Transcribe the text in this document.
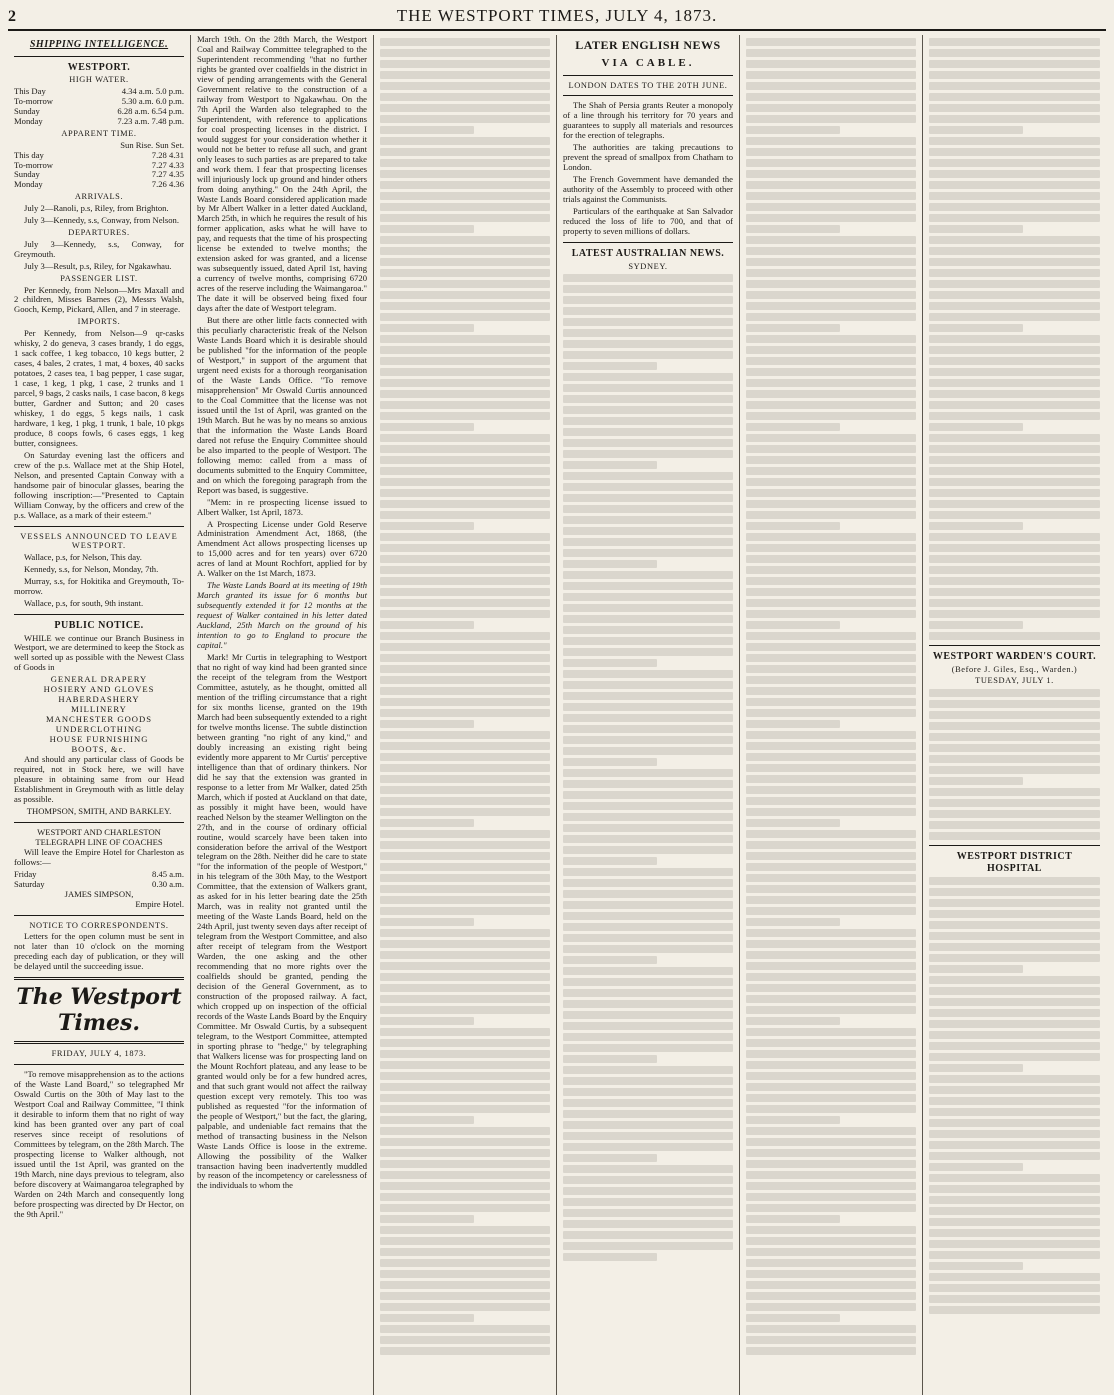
2	THE WESTPORT TIMES, JULY 4, 1873.
SHIPPING INTELLIGENCE.
WESTPORT.
HIGH WATER.
This Day	4.34 a.m. 5.0 p.m.
To-morrow	5.30 a.m. 6.0 p.m.
Sunday	6.28 a.m. 6.54 p.m.
Monday	7.23 a.m. 7.48 p.m.
APPARENT TIME.
Sun Rise. Sun Set.
This day	7.28 4.31
To-morrow	7.27 4.33
Sunday	7.27 4.35
Monday	7.26 4.36
ARRIVALS.

July 2—Ranoli, p.s, Riley, from Brighton.

July 3—Kennedy, s.s, Conway, from Nelson.

DEPARTURES.

July 3—Kennedy, s.s, Conway, for Greymouth.

July 3—Result, p.s, Riley, for Ngakawhau.

PASSENGER LIST.

Per Kennedy, from Nelson—Mrs Maxall and 2 children, Misses Barnes (2), Messrs Walsh, Gooch, Kemp, Pickard, Allen, and 7 in steerage.

IMPORTS.

Per Kennedy, from Nelson—9 qr-casks whisky, 2 do geneva, 3 cases brandy, 1 do eggs, 1 sack coffee, 1 keg tobacco, 10 kegs butter, 2 cases, 4 bales, 2 crates, 1 mat, 4 boxes, 40 sacks potatoes, 2 cases tea, 1 bag pepper, 1 case sugar, 1 case, 1 keg, 1 pkg, 1 case, 2 trunks and 1 parcel, 9 bags, 2 casks nails, 1 case bacon, 8 kegs butter, Gardner and Sutton; and 20 cases whiskey, 1 do eggs, 5 kegs nails, 1 cask hardware, 1 keg, 1 pkg, 1 trunk, 1 bale, 10 pkgs produce, 8 coops fowls, 6 cases eggs, 1 keg butter, consignees.

On Saturday evening last the officers and crew of the p.s. Wallace met at the Ship Hotel, Nelson, and presented Captain Conway with a handsome pair of binocular glasses, bearing the following inscription:—"Presented to Captain William Conway, by the officers and crew of the p.s. Wallace, as a mark of their esteem."

VESSELS ANNOUNCED TO LEAVE WESTPORT.

Wallace, p.s, for Nelson, This day.

Kennedy, s.s, for Nelson, Monday, 7th.

Murray, s.s, for Hokitika and Greymouth, To-morrow.

Wallace, p.s, for south, 9th instant.

PUBLIC NOTICE.

WHILE we continue our Branch Business in Westport, we are determined to keep the Stock as well sorted up as possible with the Newest Class of Goods in

GENERAL DRAPERY
HOSIERY AND GLOVES
HABERDASHERY
MILLINERY
MANCHESTER GOODS
UNDERCLOTHING
HOUSE FURNISHING
BOOTS, &c.

And should any particular class of Goods be required, not in Stock here, we will have pleasure in obtaining same from our Head Establishment in Greymouth with as little delay as possible.

THOMPSON, SMITH, AND BARKLEY.
WESTPORT AND CHARLESTON TELEGRAPH LINE OF COACHES

Will leave the Empire Hotel for Charleston as follows:—

Friday	8.45 a.m.
Saturday	0.30 a.m.
JAMES SIMPSON,
Empire Hotel.
NOTICE TO CORRESPONDENTS.

Letters for the open column must be sent in not later than 10 o'clock on the morning preceding each day of publication, or they will be delayed until the succeeding issue.

The Westport Times.
FRIDAY, JULY 4, 1873.

"To remove misapprehension as to the actions of the Waste Land Board," so telegraphed Mr Oswald Curtis on the 30th of May last to the Westport Coal and Railway Committee, "I think it desirable to inform them that no right of way kind has been granted over any part of coal reserves since receipt of resolutions of Committees by telegram, on the 28th March. The prospecting license to Walker although, not issued until the 1st April, was granted on the 19th March, nine days previous to telegram, also before discovery at Waimangaroa telegraphed by Warden on 24th March and consequently long before prospecting was directed by Dr Hector, on the 9th April."

March 19th. On the 28th March, the Westport Coal and Railway Committee telegraphed to the Superintendent recommending "that no further rights be granted over coalfields in the district in view of pending arrangements with the General Government relative to the construction of a railway from Westport to Ngakawhau. On the 7th April the Warden also telegraphed to the Superintendent, with reference to applications for coal prospecting licenses in the district. I would suggest for your consideration whether it would not be better to refuse all such, and grant only leases to such parties as are prepared to take and work them. I fear that prospecting licenses will injuriously lock up ground and hinder others from doing anything." On the 24th April, the Waste Lands Board considered application made by Mr Albert Walker in a letter dated Auckland, March 25th, in which he requires the result of his former application, asks what he will have to pay, and requests that the time of his prospecting license be extended to twelve months; the extension asked for was granted, and a license was subsequently issued, dated April 1st, having a currency of twelve months, comprising 6720 acres of the reserve including the Waimangaroa." The date it will be observed being fixed four days after the date of Westport telegram.

But there are other little facts connected with this peculiarly characteristic freak of the Nelson Waste Lands Board which it is desirable should be published "for the information of the people of Westport," in support of the argument that urgent need exists for a thorough reorganisation of the Waste Lands Office. "To remove misapprehension" Mr Oswald Curtis announced to the Coal Committee that the license was not issued until the 1st of April, was granted on the 19th March. But he was by no means so anxious that the information the Waste Lands Board dared not refuse the Enquiry Committee should be also imparted to the people of Westport. The following memo: called from a mass of documents submitted to the Enquiry Committee, and on which the foregoing paragraph from the Report was based, is suggestive.

"Mem: in re prospecting license issued to Albert Walker, 1st April, 1873.

A Prospecting License under Gold Reserve Administration Amendment Act, 1868, (the Amendment Act allows prospecting licenses up to 15,000 acres and for ten years) over 6720 acres of land at Mount Rochfort, applied for by A. Walker on the 1st March, 1873.

The Waste Lands Board at its meeting of 19th March granted its issue for 6 months but subsequently extended it for 12 months at the request of Walker contained in his letter dated Auckland, 25th March on the ground of his intention to go to England to procure the capital."

Mark! Mr Curtis in telegraphing to Westport that no right of way kind had been granted since the receipt of the telegram from the Westport Committee, astutely, as he thought, omitted all mention of the trifling circumstance that a right for six months license, granted on the 19th March had been subsequently extended to a right for twelve months license. The subtle distinction between granting "no right of any kind," and doubly increasing an existing right being evidently more apparent to Mr Curtis' perceptive intelligence than that of ordinary thinkers. Nor did he say that the extension was granted in response to a letter from Mr Walker, dated 25th March, which if posted at Auckland on that date, as possibly it might have been, would have reached Nelson by the steamer Wellington on the 27th, and in the course of ordinary official routine, would scarcely have been taken into consideration before the arrival of the Westport telegram on the 28th. Neither did he care to state "for the information of the people of Westport," in his telegram of the 30th May, to the Westport Committee, that the extension of Walkers grant, as asked for in his letter bearing date the 25th March, was in reality not granted until the meeting of the Waste Lands Board, held on the 24th April, just twenty seven days after receipt of telegram from the Westport Committee, and also after receipt of telegram from the Westport Warden, the one asking and the other recommending that no more rights over the coalfields should be granted, pending the decision of the General Government, as to construction of the proposed railway. A fact, which cropped up on inspection of the official records of the Waste Lands Board by the Enquiry Committee. Mr Oswald Curtis, by a subsequent telegram, to the Westport Committee, attempted in sporting phrase to "hedge," by telegraphing that Walkers license was for prospecting land on the Mount Rochfort plateau, and any lease to be granted would only be for a few hundred acres, and that such grant would not affect the railway question except very remotely. This too was published as requested "for the information of the people of Westport," but the fact, the glaring, palpable, and undeniable fact remains that the method of transacting business in the Nelson Waste Lands Office is loose in the extreme. Allowing the possibility of the Walker transaction having been inadvertently muddled by reason of the incompetency or carelessness of the individuals to whom the

LATER ENGLISH NEWS
VIA CABLE.
LONDON DATES TO THE 20TH JUNE.

The Shah of Persia grants Reuter a monopoly of a line through his territory for 70 years and guarantees to supply all materials and resources for the erection of telegraphs.

The authorities are taking precautions to prevent the spread of smallpox from Chatham to London.

The French Government have demanded the authority of the Assembly to proceed with other trials against the Communists.

Particulars of the earthquake at San Salvador reduced the loss of life to 700, and that of property to seven millions of dollars.

LATEST AUSTRALIAN NEWS.
SYDNEY.
WESTPORT WARDEN'S COURT.
(Before J. Giles, Esq., Warden.)
TUESDAY, JULY 1.
WESTPORT DISTRICT HOSPITAL
